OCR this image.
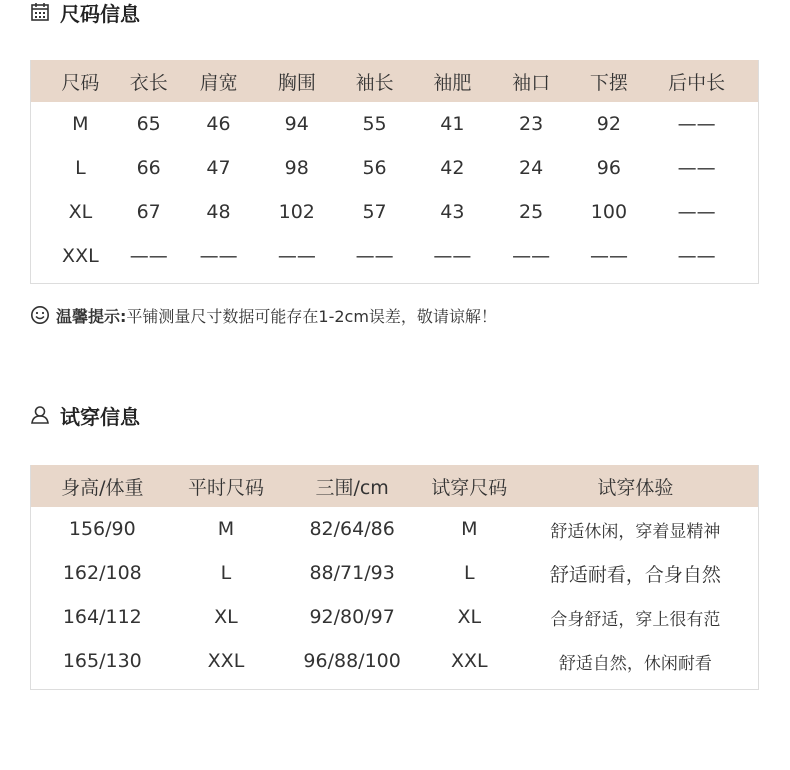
尺码信息
尺码	衣长	肩宽	胸围	袖长	袖肥	袖口	下摆	后中长
M	65	46	94	55	41	23	92	——
L	66	47	98	56	42	24	96	——
XL	67	48	102	57	43	25	100	——
XXL	——	——	——	——	——	——	——	——
温馨提示: 平铺测量尺寸数据可能存在1-2cm误差，敬请谅解！
试穿信息
身高/体重	平时尺码	三围/cm	试穿尺码	试穿体验
156/90	M	82/64/86	M	舒适休闲，穿着显精神
162/108	L	88/71/93	L	舒适耐看，合身自然
164/112	XL	92/80/97	XL	合身舒适，穿上很有范
165/130	XXL	96/88/100	XXL	舒适自然，休闲耐看
